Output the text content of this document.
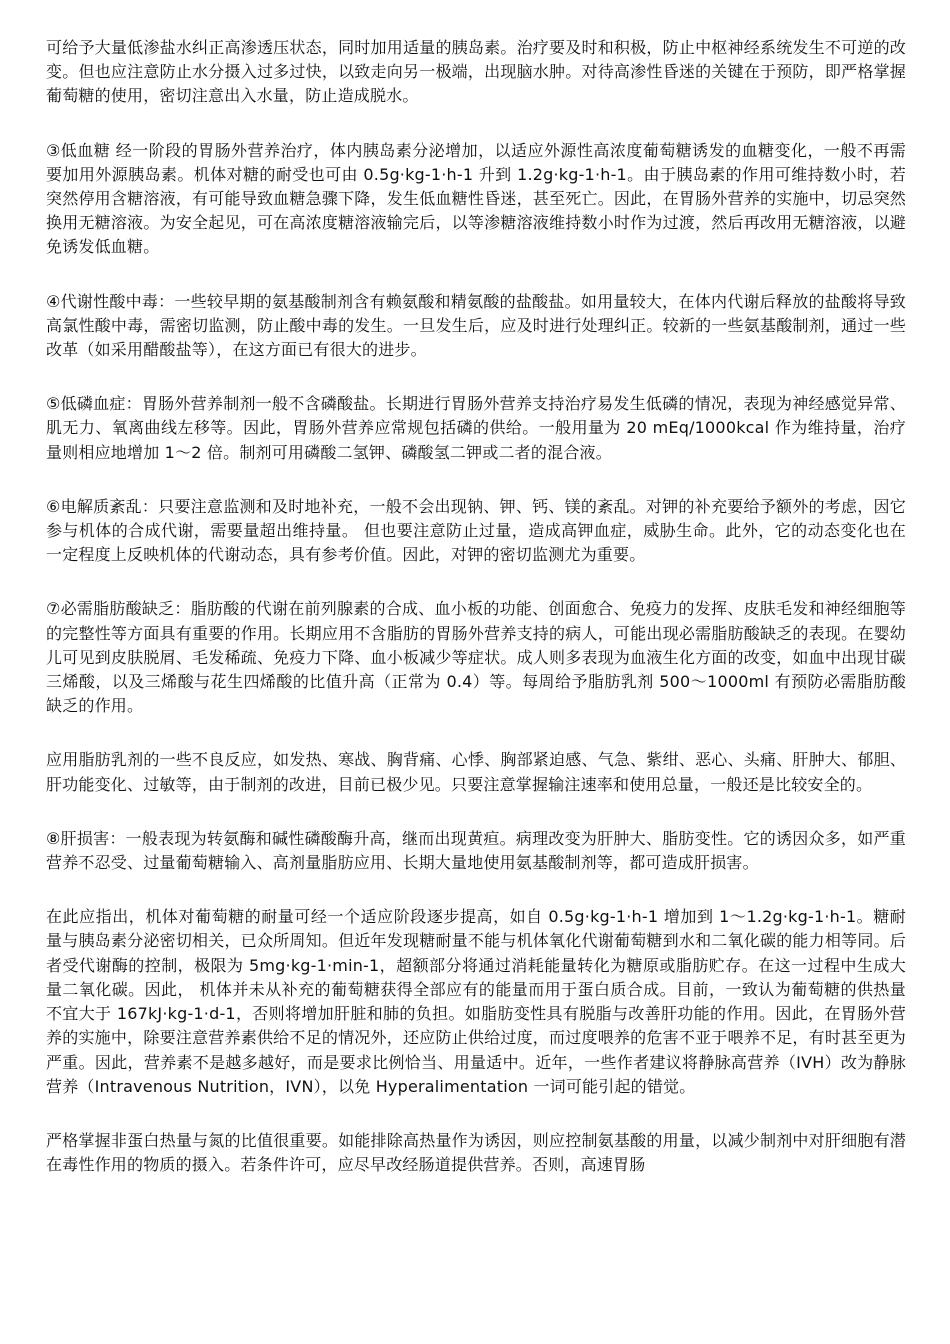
可给予大量低渗盐水纠正高渗透压状态，同时加用适量的胰岛素。治疗要及时和积极，防止中枢神经系统发生不可逆的改变。但也应注意防止水分摄入过多过快，以致走向另一极端，出现脑水肿。对待高渗性昏迷的关键在于预防，即严格掌握葡萄糖的使用，密切注意出入水量，防止造成脱水。

③低血糖 经一阶段的胃肠外营养治疗，体内胰岛素分泌增加，以适应外源性高浓度葡萄糖诱发的血糖变化，一般不再需要加用外源胰岛素。机体对糖的耐受也可由 0.5g·kg-1·h-1 升到 1.2g·kg-1·h-1。由于胰岛素的作用可维持数小时，若突然停用含糖溶液，有可能导致血糖急骤下降，发生低血糖性昏迷，甚至死亡。因此，在胃肠外营养的实施中，切忌突然换用无糖溶液。为安全起见，可在高浓度糖溶液输完后，以等渗糖溶液维持数小时作为过渡，然后再改用无糖溶液，以避免诱发低血糖。

④代谢性酸中毒：一些较早期的氨基酸制剂含有赖氨酸和精氨酸的盐酸盐。如用量较大，在体内代谢后释放的盐酸将导致高氯性酸中毒，需密切监测，防止酸中毒的发生。一旦发生后，应及时进行处理纠正。较新的一些氨基酸制剂，通过一些改革（如采用醋酸盐等），在这方面已有很大的进步。

⑤低磷血症：胃肠外营养制剂一般不含磷酸盐。长期进行胃肠外营养支持治疗易发生低磷的情况，表现为神经感觉异常、肌无力、氧离曲线左移等。因此，胃肠外营养应常规包括磷的供给。一般用量为 20 mEq/1000kcal 作为维持量，治疗量则相应地增加 1～2 倍。制剂可用磷酸二氢钾、磷酸氢二钾或二者的混合液。

⑥电解质紊乱：只要注意监测和及时地补充，一般不会出现钠、钾、钙、镁的紊乱。对钾的补充要给予额外的考虑，因它参与机体的合成代谢，需要量超出维持量。 但也要注意防止过量，造成高钾血症，威胁生命。此外，它的动态变化也在一定程度上反映机体的代谢动态，具有参考价值。因此，对钾的密切监测尤为重要。

⑦必需脂肪酸缺乏：脂肪酸的代谢在前列腺素的合成、血小板的功能、创面愈合、免疫力的发挥、皮肤毛发和神经细胞等的完整性等方面具有重要的作用。长期应用不含脂肪的胃肠外营养支持的病人，可能出现必需脂肪酸缺乏的表现。在婴幼儿可见到皮肤脱屑、毛发稀疏、免疫力下降、血小板减少等症状。成人则多表现为血液生化方面的改变，如血中出现甘碳三烯酸，以及三烯酸与花生四烯酸的比值升高（正常为 0.4）等。每周给予脂肪乳剂 500～1000ml 有预防必需脂肪酸缺乏的作用。

应用脂肪乳剂的一些不良反应，如发热、寒战、胸背痛、心悸、胸部紧迫感、气急、紫绀、恶心、头痛、肝肿大、郁胆、肝功能变化、过敏等，由于制剂的改进，目前已极少见。只要注意掌握输注速率和使用总量，一般还是比较安全的。

⑧肝损害：一般表现为转氨酶和碱性磷酸酶升高，继而出现黄疸。病理改变为肝肿大、脂肪变性。它的诱因众多，如严重营养不忍受、过量葡萄糖输入、高剂量脂肪应用、长期大量地使用氨基酸制剂等，都可造成肝损害。

在此应指出，机体对葡萄糖的耐量可经一个适应阶段逐步提高，如自 0.5g·kg-1·h-1 增加到 1～1.2g·kg-1·h-1。糖耐量与胰岛素分泌密切相关，已众所周知。但近年发现糖耐量不能与机体氧化代谢葡萄糖到水和二氧化碳的能力相等同。后者受代谢酶的控制，极限为 5mg·kg-1·min-1，超额部分将通过消耗能量转化为糖原或脂肪贮存。在这一过程中生成大量二氧化碳。因此， 机体并未从补充的葡萄糖获得全部应有的能量而用于蛋白质合成。目前，一致认为葡萄糖的供热量不宜大于 167kJ·kg-1·d-1，否则将增加肝脏和肺的负担。如脂肪变性具有脱脂与改善肝功能的作用。因此，在胃肠外营养的实施中，除要注意营养素供给不足的情况外，还应防止供给过度，而过度喂养的危害不亚于喂养不足，有时甚至更为严重。因此，营养素不是越多越好，而是要求比例恰当、用量适中。近年，一些作者建议将静脉高营养（IVH）改为静脉营养（Intravenous Nutrition，IVN），以免 Hyperalimentation 一词可能引起的错觉。

严格掌握非蛋白热量与氮的比值很重要。如能排除高热量作为诱因，则应控制氨基酸的用量，以减少制剂中对肝细胞有潜在毒性作用的物质的摄入。若条件许可，应尽早改经肠道提供营养。否则，高速胃肠
